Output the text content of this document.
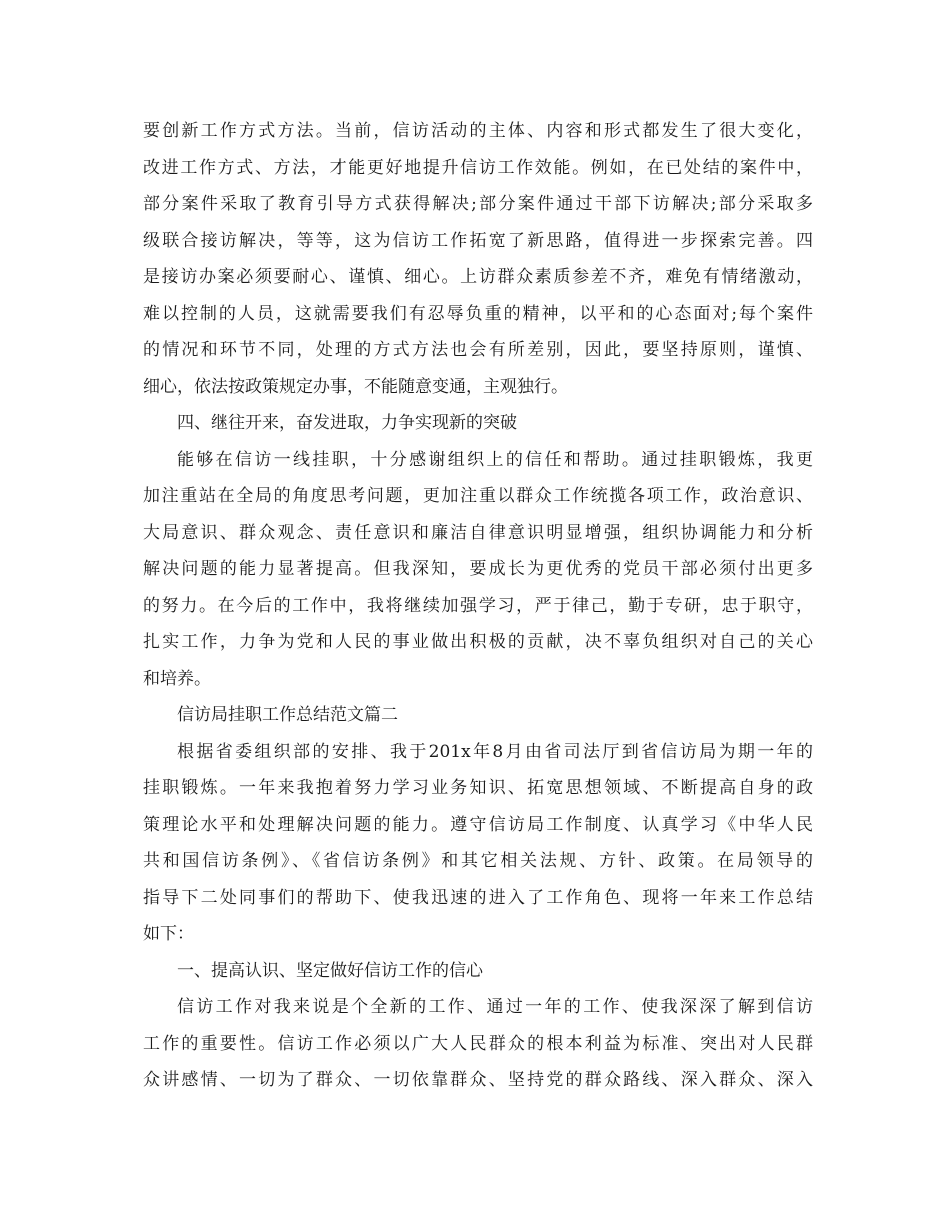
要创新工作方式方法。当前，信访活动的主体、内容和形式都发生了很大变化，
改进工作方式、方法，才能更好地提升信访工作效能。例如，在已处结的案件中，
部分案件采取了教育引导方式获得解决;部分案件通过干部下访解决;部分采取多
级联合接访解决，等等，这为信访工作拓宽了新思路，值得进一步探索完善。四
是接访办案必须要耐心、谨慎、细心。上访群众素质参差不齐，难免有情绪激动，
难以控制的人员，这就需要我们有忍辱负重的精神，以平和的心态面对;每个案件
的情况和环节不同，处理的方式方法也会有所差别，因此，要坚持原则，谨慎、
细心，依法按政策规定办事，不能随意变通，主观独行。
四、继往开来，奋发进取，力争实现新的突破
能够在信访一线挂职，十分感谢组织上的信任和帮助。通过挂职锻炼，我更
加注重站在全局的角度思考问题，更加注重以群众工作统揽各项工作，政治意识、
大局意识、群众观念、责任意识和廉洁自律意识明显增强，组织协调能力和分析
解决问题的能力显著提高。但我深知，要成长为更优秀的党员干部必须付出更多
的努力。在今后的工作中，我将继续加强学习，严于律己，勤于专研，忠于职守，
扎实工作，力争为党和人民的事业做出积极的贡献，决不辜负组织对自己的关心
和培养。
信访局挂职工作总结范文篇二
根据省委组织部的安排、我于201x年8月由省司法厅到省信访局为期一年的
挂职锻炼。一年来我抱着努力学习业务知识、拓宽思想领域、不断提高自身的政
策理论水平和处理解决问题的能力。遵守信访局工作制度、认真学习《中华人民
共和国信访条例》、《省信访条例》和其它相关法规、方针、政策。在局领导的
指导下二处同事们的帮助下、使我迅速的进入了工作角色、现将一年来工作总结
如下：
一、提高认识、坚定做好信访工作的信心
信访工作对我来说是个全新的工作、通过一年的工作、使我深深了解到信访
工作的重要性。信访工作必须以广大人民群众的根本利益为标准、突出对人民群
众讲感情、一切为了群众、一切依靠群众、坚持党的群众路线、深入群众、深入
